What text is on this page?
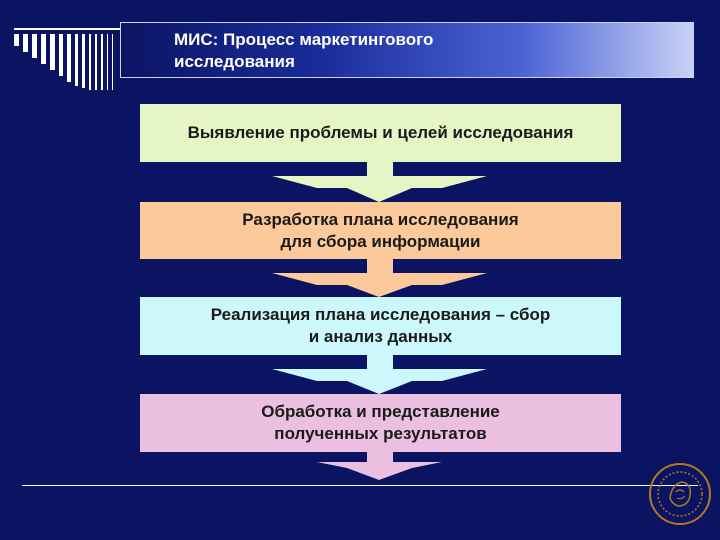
МИС: Процесс маркетингового
исследования
Выявление проблемы и целей исследования
Разработка плана исследования
для сбора информации
Реализация плана исследования – сбор
и анализ данных
Обработка и представление
полученных результатов
